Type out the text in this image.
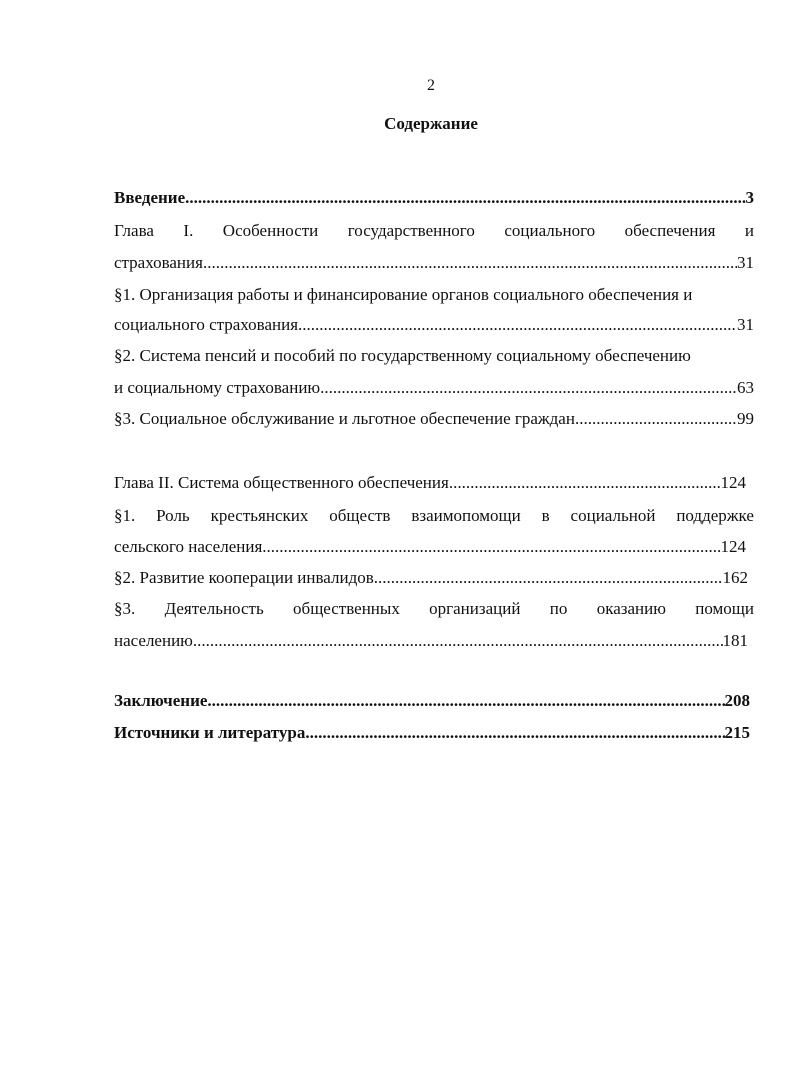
2
Содержание
Введение .....	3
Глава I. Особенности государственного социального обеспечения и
страхования .....	31
§1. Организация работы и финансирование органов социального обеспечения и
социального страхования .....	31
§2. Система пенсий и пособий по государственному социальному обеспечению
и социальному страхованию .....	63
§3. Социальное обслуживание и льготное обеспечение граждан .....	99
Глава II. Система общественного обеспечения .....	124
§1. Роль крестьянских обществ взаимопомощи в социальной поддержке
сельского населения .....	124
§2. Развитие кооперации инвалидов .....	162
§3. Деятельность общественных организаций по оказанию помощи
населению .....	181
Заключение .....	208
Источники и литература .....	215
